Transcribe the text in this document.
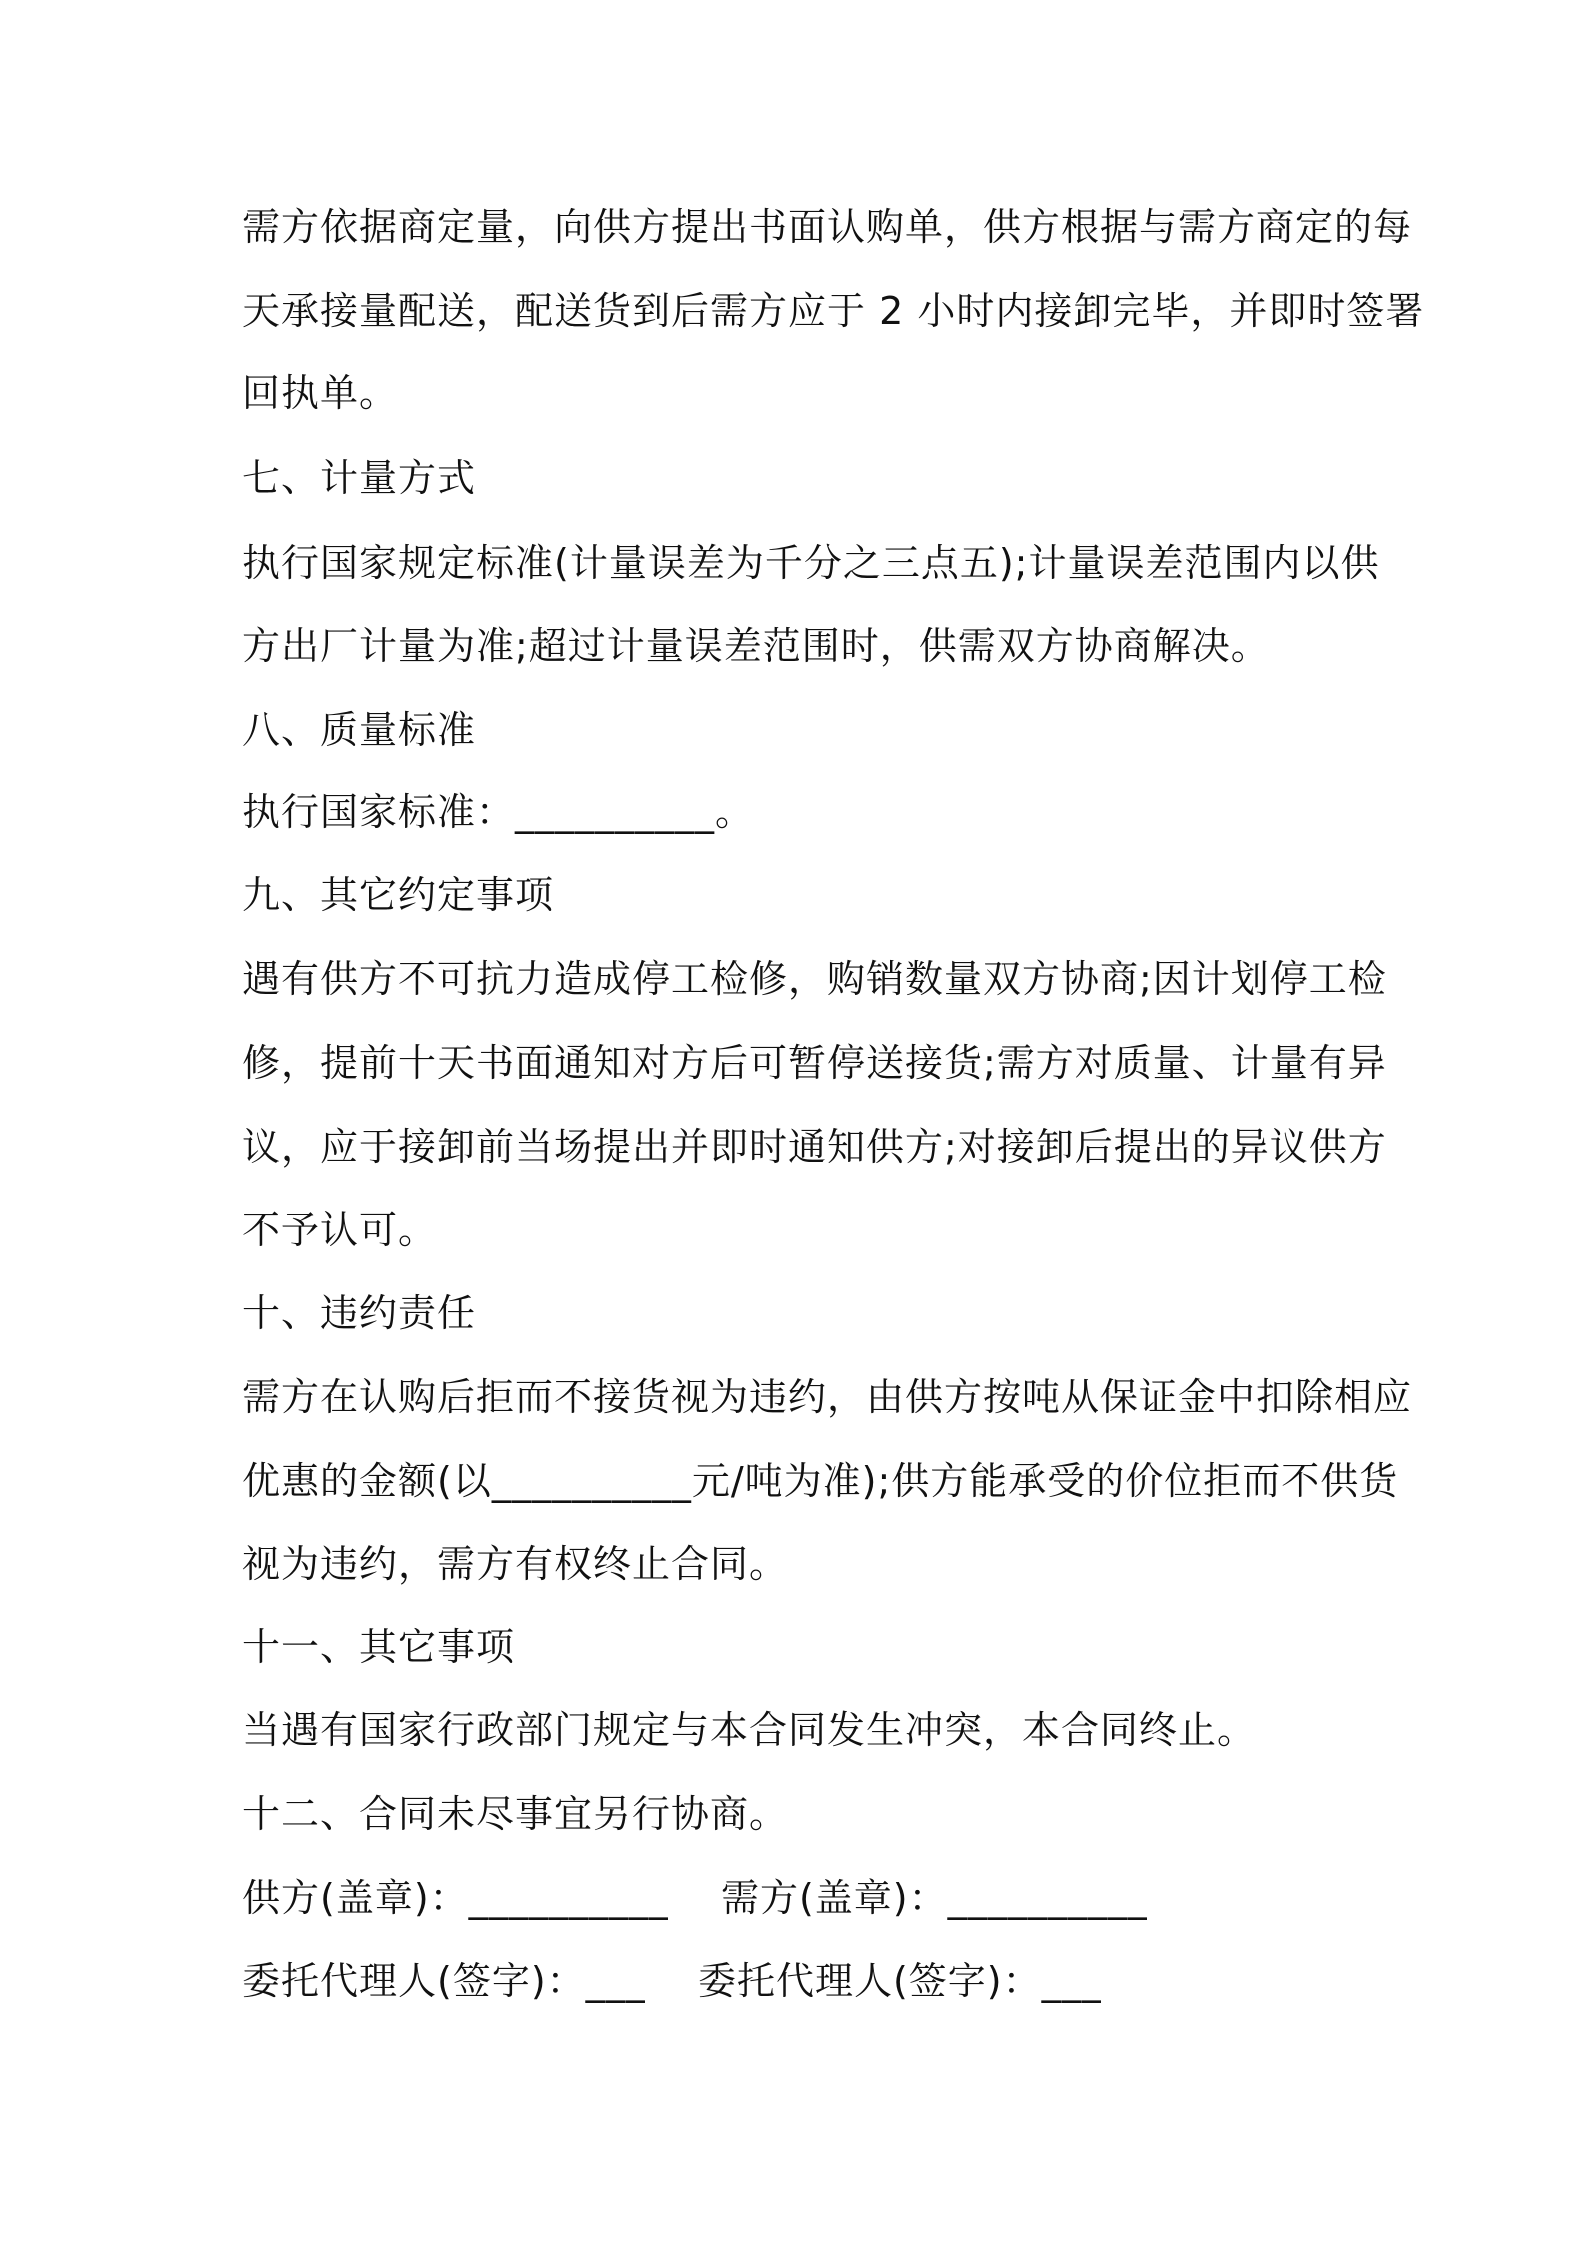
需方依据商定量，向供方提出书面认购单，供方根据与需方商定的每
天承接量配送，配送货到后需方应于 2 小时内接卸完毕，并即时签署
回执单。
七、计量方式
执行国家规定标准(计量误差为千分之三点五);计量误差范围内以供
方出厂计量为准;超过计量误差范围时，供需双方协商解决。
八、质量标准
执行国家标准：__________。
九、其它约定事项
遇有供方不可抗力造成停工检修，购销数量双方协商;因计划停工检
修，提前十天书面通知对方后可暂停送接货;需方对质量、计量有异
议，应于接卸前当场提出并即时通知供方;对接卸后提出的异议供方
不予认可。
十、违约责任
需方在认购后拒而不接货视为违约，由供方按吨从保证金中扣除相应
优惠的金额(以__________元/吨为准);供方能承受的价位拒而不供货
视为违约，需方有权终止合同。
十一、其它事项
当遇有国家行政部门规定与本合同发生冲突，本合同终止。
十二、合同未尽事宜另行协商。
供方(盖章)：__________    需方(盖章)：__________
委托代理人(签字)：___    委托代理人(签字)：___
